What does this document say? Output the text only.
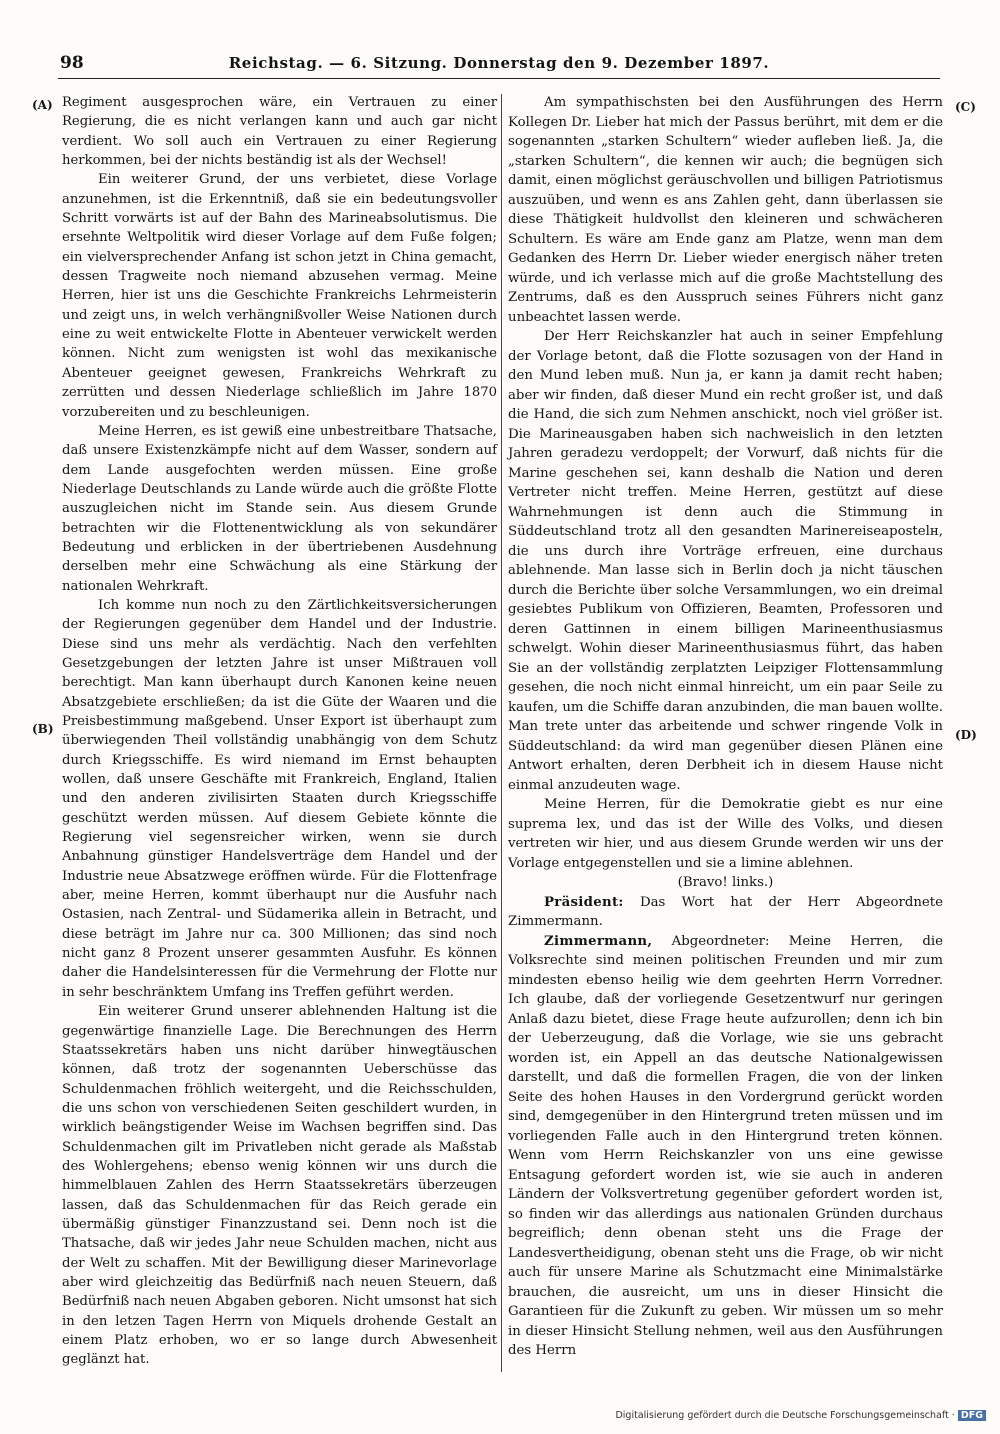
98	Reichstag. — 6. Sitzung. Donnerstag den 9. Dezember 1897.
(A)
(B)
(C)
(D)

Regiment ausgesprochen wäre, ein Vertrauen zu einer Regierung, die es nicht verlangen kann und auch gar nicht verdient. Wo soll auch ein Vertrauen zu einer Regierung herkommen, bei der nichts beständig ist als der Wechsel!

Ein weiterer Grund, der uns verbietet, diese Vorlage anzunehmen, ist die Erkenntniß, daß sie ein bedeutungsvoller Schritt vorwärts ist auf der Bahn des Marineabsolutismus. Die ersehnte Weltpolitik wird dieser Vorlage auf dem Fuße folgen; ein vielversprechender Anfang ist schon jetzt in China gemacht, dessen Tragweite noch niemand abzusehen vermag. Meine Herren, hier ist uns die Geschichte Frankreichs Lehrmeisterin und zeigt uns, in welch verhängnißvoller Weise Nationen durch eine zu weit entwickelte Flotte in Abenteuer verwickelt werden können. Nicht zum wenigsten ist wohl das mexikanische Abenteuer geeignet gewesen, Frankreichs Wehrkraft zu zerrütten und dessen Niederlage schließlich im Jahre 1870 vorzubereiten und zu beschleunigen.

Meine Herren, es ist gewiß eine unbestreitbare Thatsache, daß unsere Existenzkämpfe nicht auf dem Wasser, sondern auf dem Lande ausgefochten werden müssen. Eine große Niederlage Deutschlands zu Lande würde auch die größte Flotte auszugleichen nicht im Stande sein. Aus diesem Grunde betrachten wir die Flottenentwicklung als von sekundärer Bedeutung und erblicken in der übertriebenen Ausdehnung derselben mehr eine Schwächung als eine Stärkung der nationalen Wehrkraft.

Ich komme nun noch zu den Zärtlichkeitsversicherungen der Regierungen gegenüber dem Handel und der Industrie. Diese sind uns mehr als verdächtig. Nach den verfehlten Gesetzgebungen der letzten Jahre ist unser Mißtrauen voll berechtigt. Man kann überhaupt durch Kanonen keine neuen Absatzgebiete erschließen; da ist die Güte der Waaren und die Preisbestimmung maßgebend. Unser Export ist überhaupt zum überwiegenden Theil vollständig unabhängig von dem Schutz durch Kriegsschiffe. Es wird niemand im Ernst behaupten wollen, daß unsere Geschäfte mit Frankreich, England, Italien und den anderen zivilisirten Staaten durch Kriegsschiffe geschützt werden müssen. Auf diesem Gebiete könnte die Regierung viel segensreicher wirken, wenn sie durch Anbahnung günstiger Handelsverträge dem Handel und der Industrie neue Absatzwege eröffnen würde. Für die Flottenfrage aber, meine Herren, kommt überhaupt nur die Ausfuhr nach Ostasien, nach Zentral- und Südamerika allein in Betracht, und diese beträgt im Jahre nur ca. 300 Millionen; das sind noch nicht ganz 8 Prozent unserer gesammten Ausfuhr. Es können daher die Handelsinteressen für die Vermehrung der Flotte nur in sehr beschränktem Umfang ins Treffen geführt werden.

Ein weiterer Grund unserer ablehnenden Haltung ist die gegenwärtige finanzielle Lage. Die Berechnungen des Herrn Staatssekretärs haben uns nicht darüber hinwegtäuschen können, daß trotz der sogenannten Ueberschüsse das Schuldenmachen fröhlich weitergeht, und die Reichsschulden, die uns schon von verschiedenen Seiten geschildert wurden, in wirklich beängstigender Weise im Wachsen begriffen sind. Das Schuldenmachen gilt im Privatleben nicht gerade als Maßstab des Wohlergehens; ebenso wenig können wir uns durch die himmelblauen Zahlen des Herrn Staatssekretärs überzeugen lassen, daß das Schuldenmachen für das Reich gerade ein übermäßig günstiger Finanzzustand sei. Denn noch ist die Thatsache, daß wir jedes Jahr neue Schulden machen, nicht aus der Welt zu schaffen. Mit der Bewilligung dieser Marinevorlage aber wird gleichzeitig das Bedürfniß nach neuen Steuern, daß Bedürfniß nach neuen Abgaben geboren. Nicht umsonst hat sich in den letzen Tagen Herrn von Miquels drohende Gestalt an einem Platz erhoben, wo er so lange durch Abwesenheit geglänzt hat.

Am sympathischsten bei den Ausführungen des Herrn Kollegen Dr. Lieber hat mich der Passus berührt, mit dem er die sogenannten „starken Schultern“ wieder aufleben ließ. Ja, die „starken Schultern“, die kennen wir auch; die begnügen sich damit, einen möglichst geräuschvollen und billigen Patriotismus auszuüben, und wenn es ans Zahlen geht, dann überlassen sie diese Thätigkeit huldvollst den kleineren und schwächeren Schultern. Es wäre am Ende ganz am Platze, wenn man dem Gedanken des Herrn Dr. Lieber wieder energisch näher treten würde, und ich verlasse mich auf die große Machtstellung des Zentrums, daß es den Ausspruch seines Führers nicht ganz unbeachtet lassen werde.

Der Herr Reichskanzler hat auch in seiner Empfehlung der Vorlage betont, daß die Flotte sozusagen von der Hand in den Mund leben muß. Nun ja, er kann ja damit recht haben; aber wir finden, daß dieser Mund ein recht großer ist, und daß die Hand, die sich zum Nehmen anschickt, noch viel größer ist. Die Marineausgaben haben sich nachweislich in den letzten Jahren geradezu verdoppelt; der Vorwurf, daß nichts für die Marine geschehen sei, kann deshalb die Nation und deren Vertreter nicht treffen. Meine Herren, gestützt auf diese Wahrnehmungen ist denn auch die Stimmung in Süddeutschland trotz all den gesandten Marinereiseapostelн, die uns durch ihre Vorträge erfreuen, eine durchaus ablehnende. Man lasse sich in Berlin doch ja nicht täuschen durch die Berichte über solche Versammlungen, wo ein dreimal gesiebtes Publikum von Offizieren, Beamten, Professoren und deren Gattinnen in einem billigen Marineenthusiasmus schwelgt. Wohin dieser Marineenthusiasmus führt, das haben Sie an der vollständig zerplatzten Leipziger Flottensammlung gesehen, die noch nicht einmal hinreicht, um ein paar Seile zu kaufen, um die Schiffe daran anzubinden, die man bauen wollte. Man trete unter das arbeitende und schwer ringende Volk in Süddeutschland: da wird man gegenüber diesen Plänen eine Antwort erhalten, deren Derbheit ich in diesem Hause nicht einmal anzudeuten wage.

Meine Herren, für die Demokratie giebt es nur eine suprema lex, und das ist der Wille des Volks, und diesen vertreten wir hier, und aus diesem Grunde werden wir uns der Vorlage entgegenstellen und sie a limine ablehnen.

(Bravo! links.)

Präsident: Das Wort hat der Herr Abgeordnete Zimmermann.

Zimmermann, Abgeordneter: Meine Herren, die Volksrechte sind meinen politischen Freunden und mir zum mindesten ebenso heilig wie dem geehrten Herrn Vorredner. Ich glaube, daß der vorliegende Gesetzentwurf nur geringen Anlaß dazu bietet, diese Frage heute aufzurollen; denn ich bin der Ueberzeugung, daß die Vorlage, wie sie uns gebracht worden ist, ein Appell an das deutsche Nationalgewissen darstellt, und daß die formellen Fragen, die von der linken Seite des hohen Hauses in den Vordergrund gerückt worden sind, demgegenüber in den Hintergrund treten müssen und im vorliegenden Falle auch in den Hintergrund treten können. Wenn vom Herrn Reichskanzler von uns eine gewisse Entsagung gefordert worden ist, wie sie auch in anderen Ländern der Volksvertretung gegenüber gefordert worden ist, so finden wir das allerdings aus nationalen Gründen durchaus begreiflich; denn obenan steht uns die Frage der Landesvertheidigung, obenan steht uns die Frage, ob wir nicht auch für unsere Marine als Schutzmacht eine Minimalstärke brauchen, die ausreicht, um uns in dieser Hinsicht die Garantieen für die Zukunft zu geben. Wir müssen um so mehr in dieser Hinsicht Stellung nehmen, weil aus den Ausführungen des Herrn

Digitalisierung gefördert durch die Deutsche Forschungsgemeinschaft · DFG
